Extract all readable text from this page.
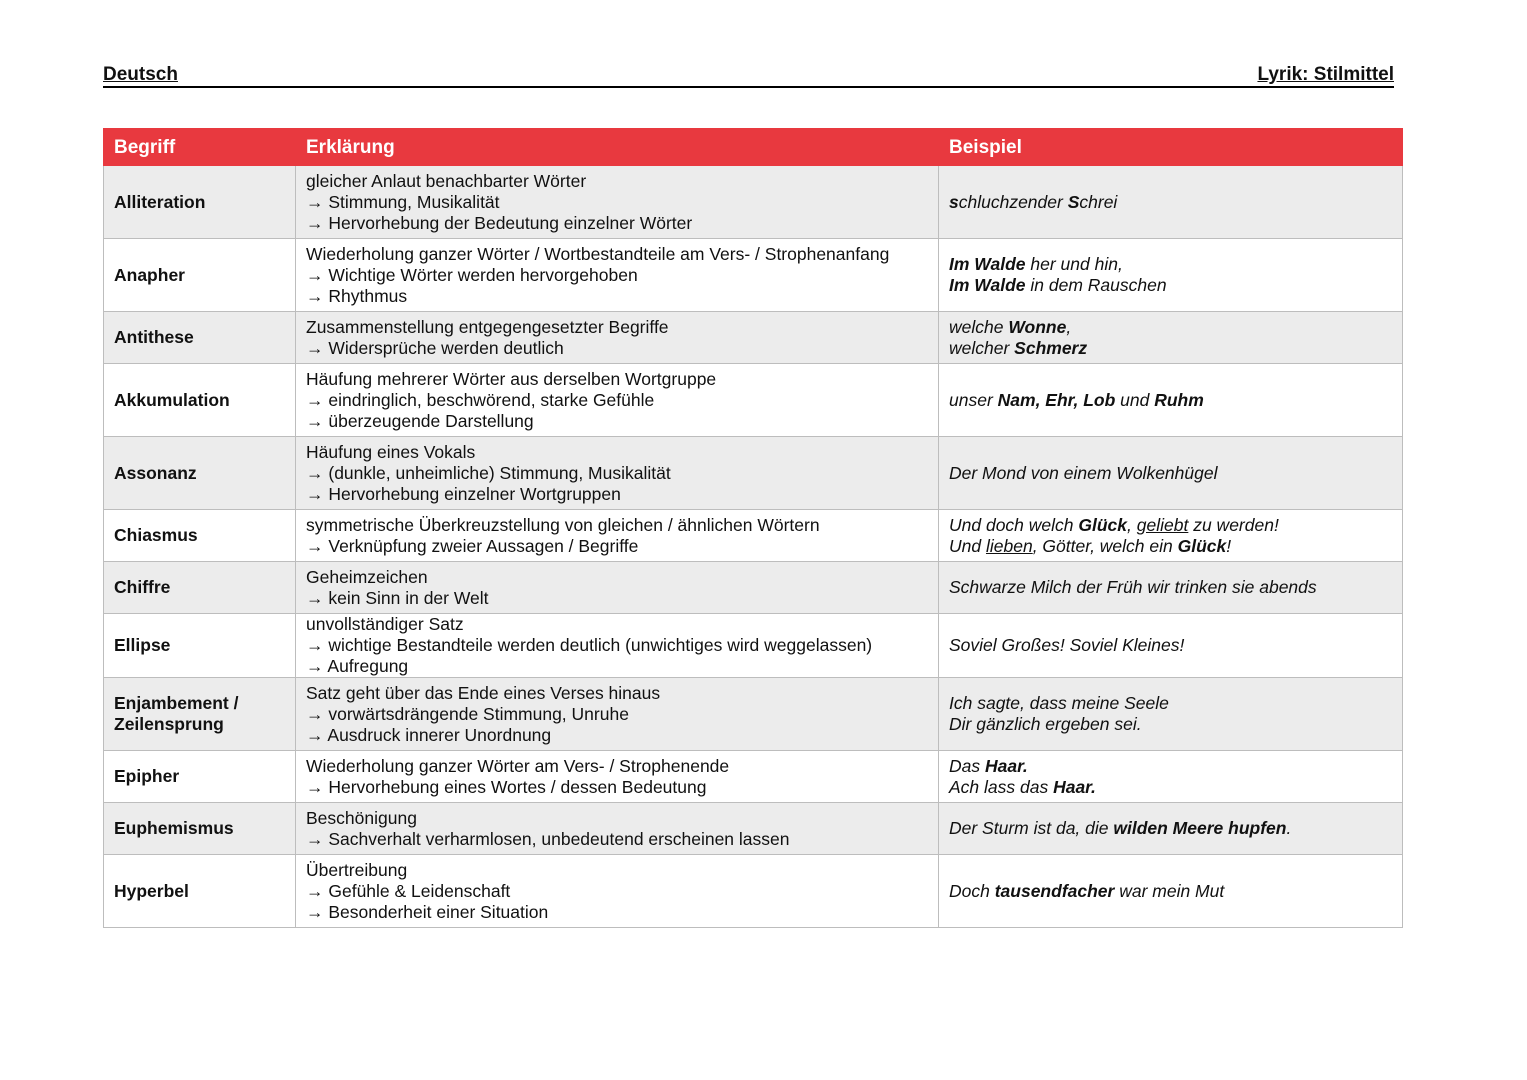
Deutsch	Lyrik: Stilmittel
Begriff	Erklärung	Beispiel

Alliteration	gleicher Anlaut benachbarter Wörter
→ Stimmung, Musikalität
→ Hervorhebung der Bedeutung einzelner Wörter	schluchzender Schrei

Anapher	Wiederholung ganzer Wörter / Wortbestandteile am Vers- / Strophenanfang
→ Wichtige Wörter werden hervorgehoben
→ Rhythmus	Im Walde her und hin,
Im Walde in dem Rauschen

Antithese	Zusammenstellung entgegengesetzter Begriffe
→ Widersprüche werden deutlich	welche Wonne,
welcher Schmerz

Akkumulation	Häufung mehrerer Wörter aus derselben Wortgruppe
→ eindringlich, beschwörend, starke Gefühle
→ überzeugende Darstellung	unser Nam, Ehr, Lob und Ruhm

Assonanz	Häufung eines Vokals
→ (dunkle, unheimliche) Stimmung, Musikalität
→ Hervorhebung einzelner Wortgruppen	Der Mond von einem Wolkenhügel

Chiasmus	symmetrische Überkreuzstellung von gleichen / ähnlichen Wörtern
→ Verknüpfung zweier Aussagen / Begriffe	Und doch welch Glück, geliebt zu werden!
Und lieben, Götter, welch ein Glück!

Chiffre	Geheimzeichen
→ kein Sinn in der Welt	Schwarze Milch der Früh wir trinken sie abends

Ellipse	unvollständiger Satz
→ wichtige Bestandteile werden deutlich (unwichtiges wird weggelassen)
→ Aufregung	Soviel Großes! Soviel Kleines!

Enjambement /
Zeilensprung	Satz geht über das Ende eines Verses hinaus
→ vorwärtsdrängende Stimmung, Unruhe
→ Ausdruck innerer Unordnung	Ich sagte, dass meine Seele
Dir gänzlich ergeben sei.

Epipher	Wiederholung ganzer Wörter am Vers- / Strophenende
→ Hervorhebung eines Wortes / dessen Bedeutung	Das Haar.
Ach lass das Haar.

Euphemismus	Beschönigung
→ Sachverhalt verharmlosen, unbedeutend erscheinen lassen	Der Sturm ist da, die wilden Meere hupfen.

Hyperbel	Übertreibung
→ Gefühle & Leidenschaft
→ Besonderheit einer Situation	Doch tausendfacher war mein Mut
